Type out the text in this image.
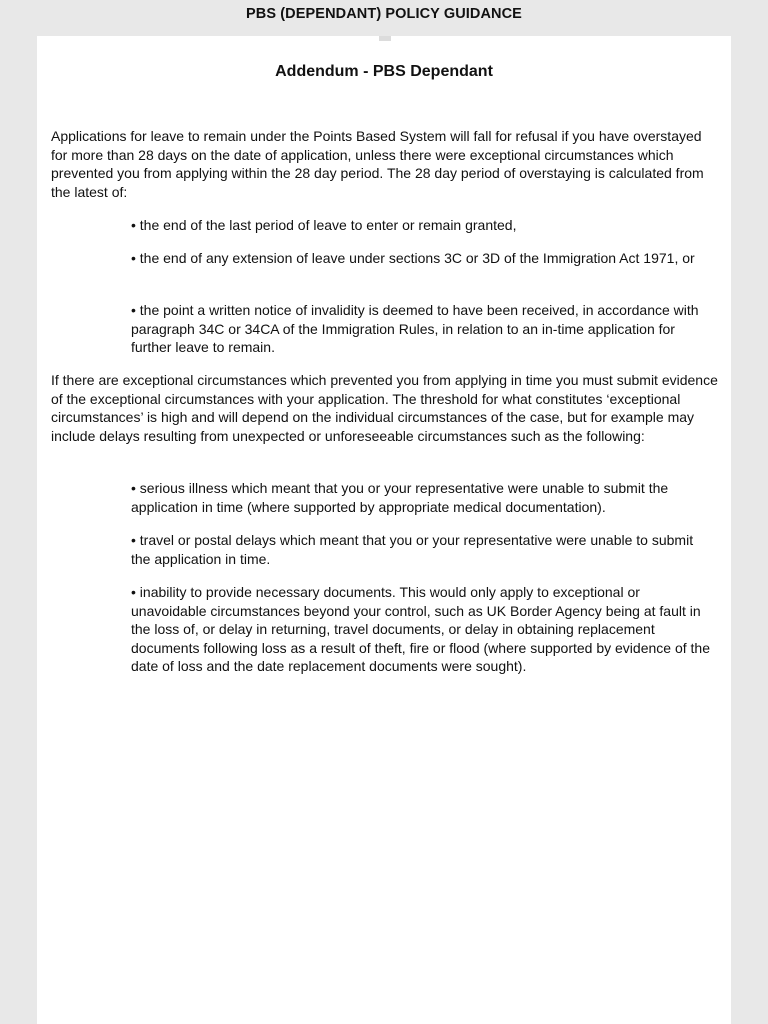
PBS (DEPENDANT) POLICY GUIDANCE
Addendum - PBS Dependant

Applications for leave to remain under the Points Based System will fall for refusal if you have overstayed for more than 28 days on the date of application, unless there were exceptional circumstances which prevented you from applying within the 28 day period. The 28 day period of overstaying is calculated from the latest of:

• the end of the last period of leave to enter or remain granted,

• the end of any extension of leave under sections 3C or 3D of the Immigration Act 1971, or

• the point a written notice of invalidity is deemed to have been received, in accordance with paragraph 34C or 34CA of the Immigration Rules, in relation to an in-time application for further leave to remain.

If there are exceptional circumstances which prevented you from applying in time you must submit evidence of the exceptional circumstances with your application. The threshold for what constitutes ‘exceptional circumstances’ is high and will depend on the individual circumstances of the case, but for example may include delays resulting from unexpected or unforeseeable circumstances such as the following:

• serious illness which meant that you or your representative were unable to submit the application in time (where supported by appropriate medical documentation).

• travel or postal delays which meant that you or your representative were unable to submit the application in time.

• inability to provide necessary documents. This would only apply to exceptional or unavoidable circumstances beyond your control, such as UK Border Agency being at fault in the loss of, or delay in returning, travel documents, or delay in obtaining replacement documents following loss as a result of theft, fire or flood (where supported by evidence of the date of loss and the date replacement documents were sought).
